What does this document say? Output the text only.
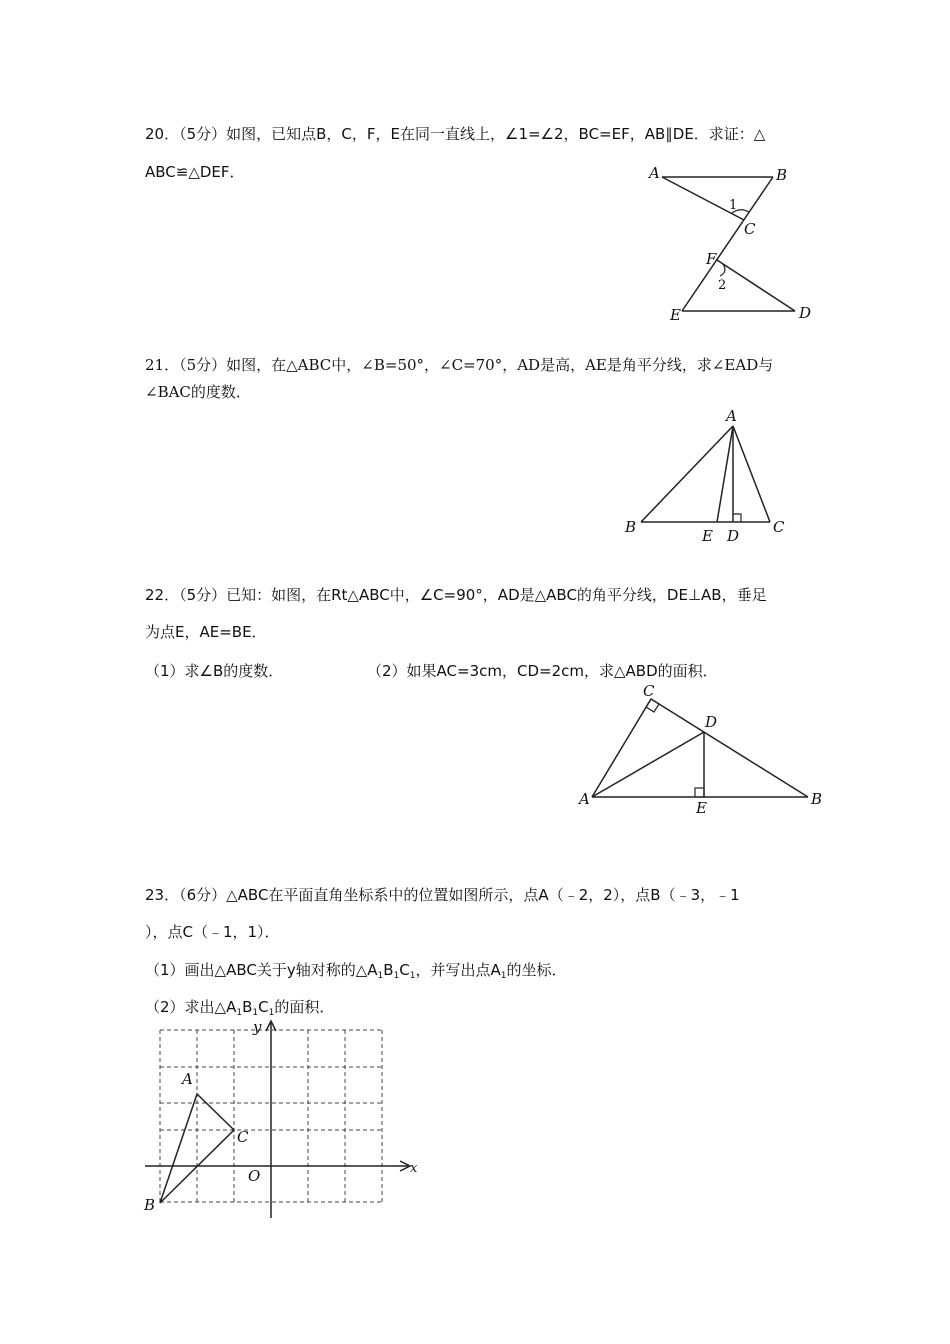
20．（5分）如图，已知点B，C，F，E在同一直线上，∠1=∠2，BC=EF，AB∥DE．求证：△
ABC≌△DEF．	A	B
1
C
F
2
E	D
21．（5分）如图，在△ABC中，∠B=50°，∠C=70°，AD是高，AE是角平分线，求∠EAD与
∠BAC的度数．
A
B	E D C
22．（5分）已知：如图，在Rt△ABC中，∠C=90°，AD是△ABC的角平分线，DE⊥AB，垂足
为点E，AE=BE．
（1）求∠B的度数．	（2）如果AC=3cm，CD=2cm，求△ABD的面积．
C
D
A	E	B
23．（6分）△ABC在平面直角坐标系中的位置如图所示，点A（﹣2，2），点B（﹣3，﹣1
），点C（﹣1，1）．
（1）画出△ABC关于y轴对称的$\triangle A_1B_1C_1$，并写出点$A_1$的坐标．
（2）求出$\triangle A_1B_1C_1$的面积．
y
x
A
C
O
B
